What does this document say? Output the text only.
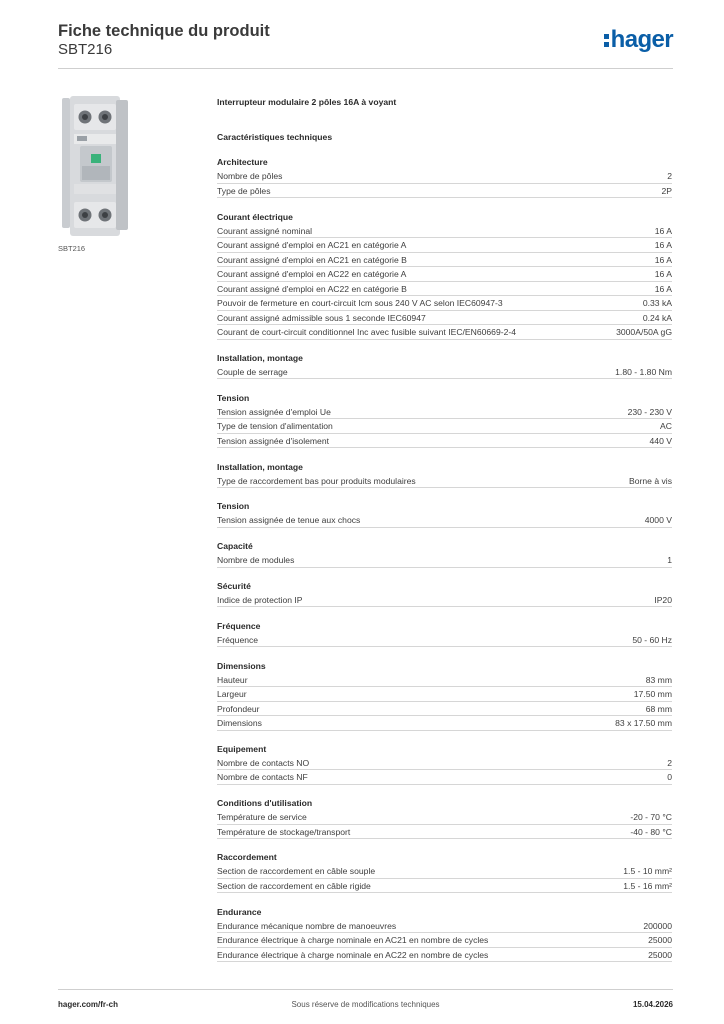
Fiche technique du produit
SBT216	hager
SBT216
Interrupteur modulaire 2 pôles 16A à voyant
Caractéristiques techniques
Architecture
Nombre de pôles	2
Type de pôles	2P
Courant électrique
Courant assigné nominal	16 A
Courant assigné d'emploi en AC21 en catégorie A	16 A
Courant assigné d'emploi en AC21 en catégorie B	16 A
Courant assigné d'emploi en AC22 en catégorie A	16 A
Courant assigné d'emploi en AC22 en catégorie B	16 A
Pouvoir de fermeture en court-circuit Icm sous 240 V AC selon IEC60947-3	0.33 kA
Courant assigné admissible sous 1 seconde IEC60947	0.24 kA
Courant de court-circuit conditionnel Inc avec fusible suivant IEC/EN60669-2-4	3000A/50A gG
Installation, montage
Couple de serrage	1.80 - 1.80 Nm
Tension
Tension assignée d'emploi Ue	230 - 230 V
Type de tension d'alimentation	AC
Tension assignée d'isolement	440 V
Installation, montage
Type de raccordement bas pour produits modulaires	Borne à vis
Tension
Tension assignée de tenue aux chocs	4000 V
Capacité
Nombre de modules	1
Sécurité
Indice de protection IP	IP20
Fréquence
Fréquence	50 - 60 Hz
Dimensions
Hauteur	83 mm
Largeur	17.50 mm
Profondeur	68 mm
Dimensions	83 x 17.50 mm
Equipement
Nombre de contacts NO	2
Nombre de contacts NF	0
Conditions d'utilisation
Température de service	-20 - 70 °C
Température de stockage/transport	-40 - 80 °C
Raccordement
Section de raccordement en câble souple	1.5 - 10 mm²
Section de raccordement en câble rigide	1.5 - 16 mm²
Endurance
Endurance mécanique nombre de manoeuvres	200000
Endurance électrique à charge nominale en AC21 en nombre de cycles	25000
Endurance électrique à charge nominale en AC22 en nombre de cycles	25000
hager.com/fr-ch	Sous réserve de modifications techniques	15.04.2026
